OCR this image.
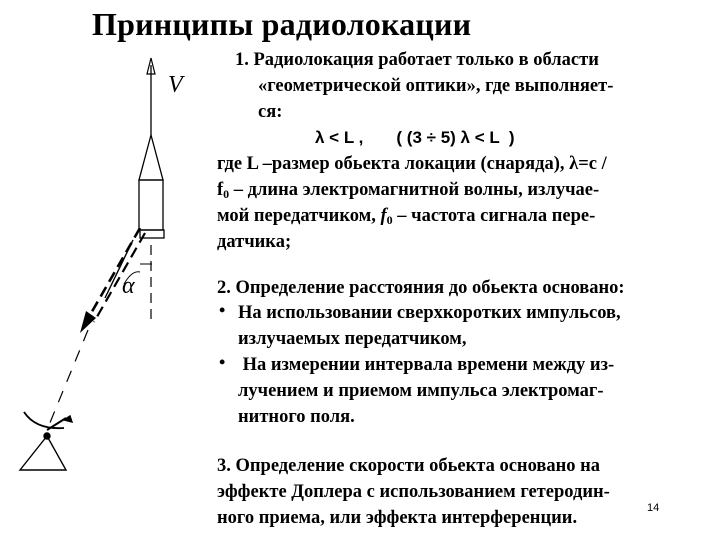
Принципы радиолокации
V
α
1. Радиолокация работает только в области
«геометрической оптики», где выполняет-
ся:
λ < L ,       ( (3 ÷ 5) λ < L  )
где L –размер обьекта локации (снаряда), λ=с /
$f_0$ – длина электромагнитной волны, излучае-
мой передатчиком, $f_0$ – частота сигнала пере-
датчика;
2. Определение расстояния до обьекта основано:
• На использовании сверхкоротких импульсов,
излучаемых передатчиком,
• На измерении интервала времени между из-
лучением и приемом импульса электромаг-
нитного поля.
3. Определение скорости обьекта основано на
эффекте Доплера с использованием гетеродин-
ного приема, или эффекта интерференции.	14
